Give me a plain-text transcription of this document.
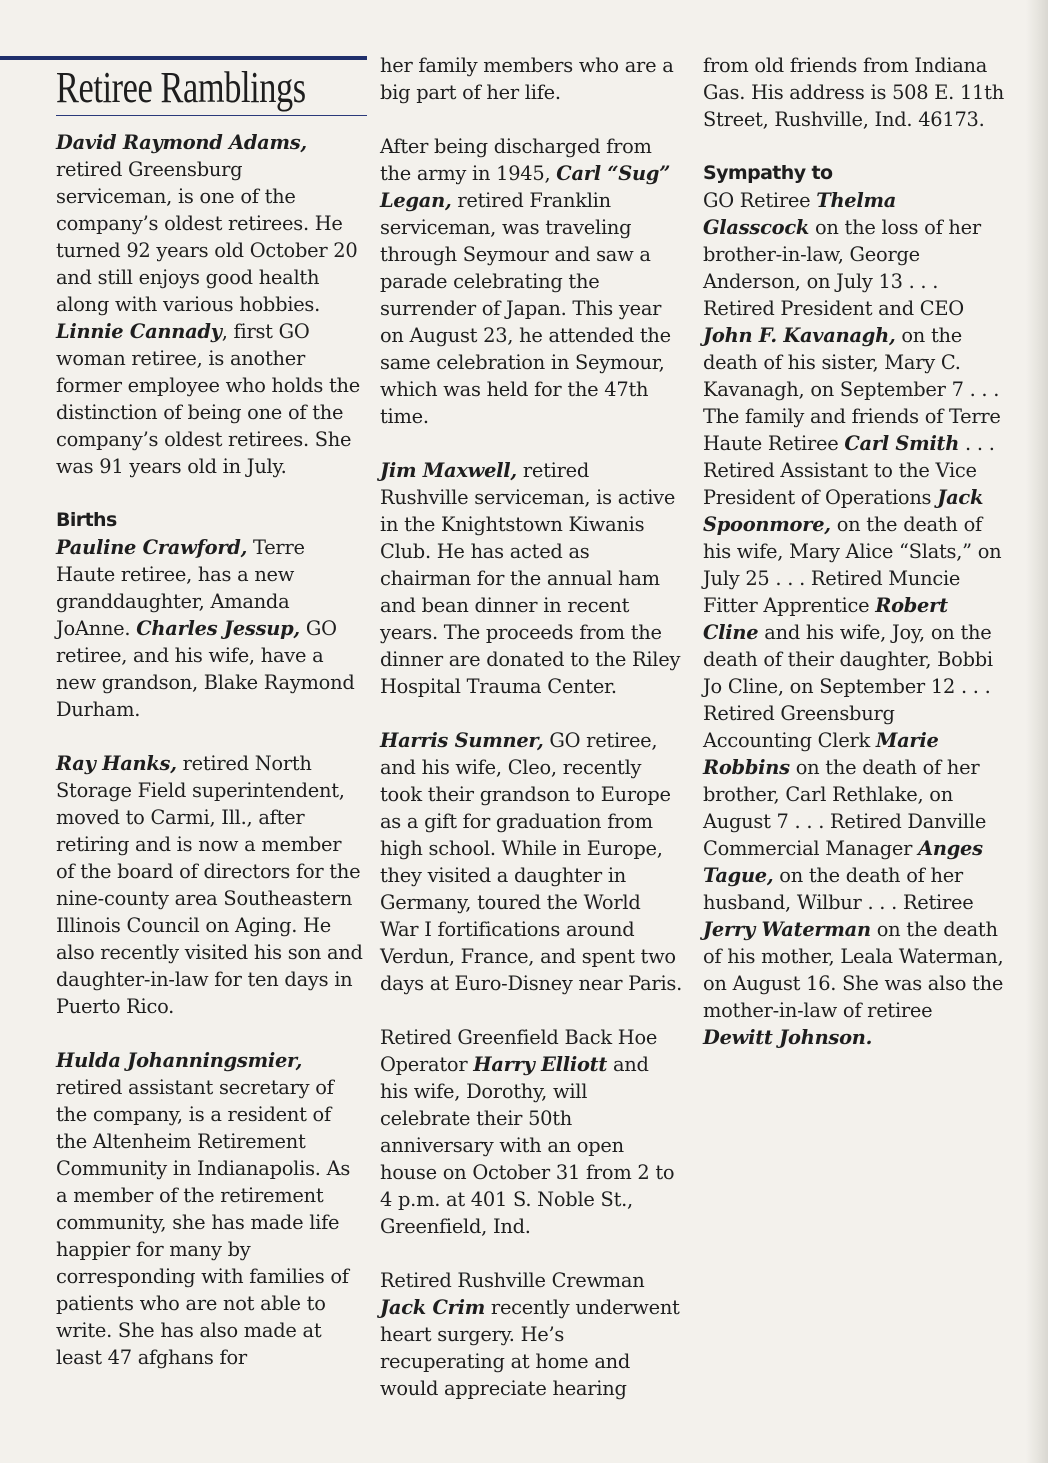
Retiree Ramblings

David Raymond Adams, retired Greensburg serviceman, is one of the company’s oldest retirees. He turned 92 years old October 20 and still enjoys good health along with various hobbies. Linnie Cannady, first GO woman retiree, is another former employee who holds the distinction of being one of the company’s oldest retirees. She was 91 years old in July.

Births

Pauline Crawford, Terre Haute retiree, has a new granddaughter, Amanda JoAnne. Charles Jessup, GO retiree, and his wife, have a new grandson, Blake Raymond Durham.

Ray Hanks, retired North Storage Field superintendent, moved to Carmi, Ill., after retiring and is now a member of the board of directors for the nine-county area Southeastern Illinois Council on Aging. He also recently visited his son and daughter-in-law for ten days in Puerto Rico.

Hulda Johanningsmier, retired assistant secretary of the company, is a resident of the Altenheim Retirement Community in Indianapolis. As a member of the retirement community, she has made life happier for many by corresponding with families of patients who are not able to write. She has also made at least 47 afghans for

her family members who are a big part of her life.

After being discharged from the army in 1945, Carl “Sug” Legan, retired Franklin serviceman, was traveling through Seymour and saw a parade celebrating the surrender of Japan. This year on August 23, he attended the same celebration in Seymour, which was held for the 47th time.

Jim Maxwell, retired Rushville serviceman, is active in the Knightstown Kiwanis Club. He has acted as chairman for the annual ham and bean dinner in recent years. The proceeds from the dinner are donated to the Riley Hospital Trauma Center.

Harris Sumner, GO retiree, and his wife, Cleo, recently took their grandson to Europe as a gift for graduation from high school. While in Europe, they visited a daughter in Germany, toured the World War I fortifications around Verdun, France, and spent two days at Euro-Disney near Paris.

Retired Greenfield Back Hoe Operator Harry Elliott and his wife, Dorothy, will celebrate their 50th anniversary with an open house on October 31 from 2 to 4 p.m. at 401 S. Noble St., Greenfield, Ind.

Retired Rushville Crewman Jack Crim recently underwent heart surgery. He’s recuperating at home and would appreciate hearing

from old friends from Indiana Gas. His address is 508 E. 11th Street, Rushville, Ind. 46173.

Sympathy to

GO Retiree Thelma Glasscock on the loss of her brother-in-law, George Anderson, on July 13 . . . Retired President and CEO John F. Kavanagh, on the death of his sister, Mary C. Kavanagh, on September 7 . . . The family and friends of Terre Haute Retiree Carl Smith . . . Retired Assistant to the Vice President of Operations Jack Spoonmore, on the death of his wife, Mary Alice “Slats,” on July 25 . . . Retired Muncie Fitter Apprentice Robert Cline and his wife, Joy, on the death of their daughter, Bobbi Jo Cline, on September 12 . . . Retired Greensburg Accounting Clerk Marie Robbins on the death of her brother, Carl Rethlake, on August 7 . . . Retired Danville Commercial Manager Anges Tague, on the death of her husband, Wilbur . . . Retiree Jerry Waterman on the death of his mother, Leala Waterman, on August 16. She was also the mother-in-law of retiree Dewitt Johnson.
